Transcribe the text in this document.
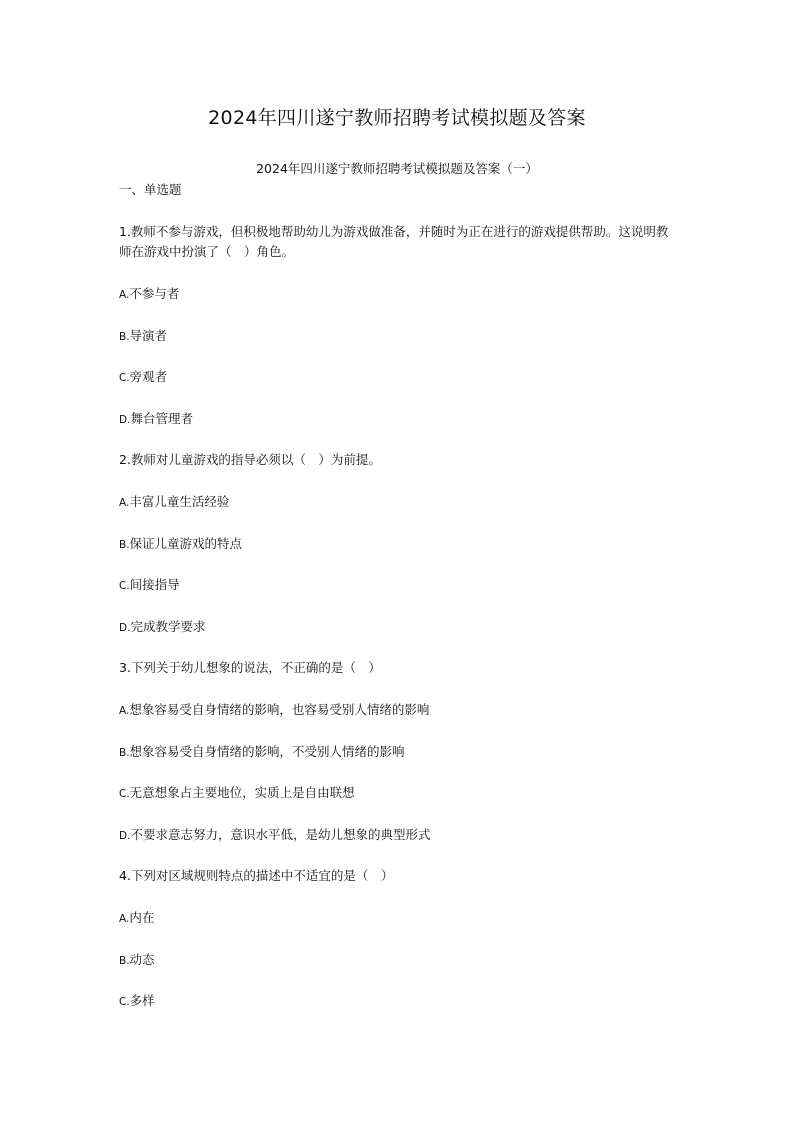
2024年四川遂宁教师招聘考试模拟题及答案
2024年四川遂宁教师招聘考试模拟题及答案（一）
一、单选题
1.教师不参与游戏，但积极地帮助幼儿为游戏做准备，并随时为正在进行的游戏提供帮助。这说明教师在游戏中扮演了（　）角色。
A.不参与者
B.导演者
C.旁观者
D.舞台管理者
2.教师对儿童游戏的指导必须以（　）为前提。
A.丰富儿童生活经验
B.保证儿童游戏的特点
C.间接指导
D.完成教学要求
3.下列关于幼儿想象的说法，不正确的是（　）
A.想象容易受自身情绪的影响，也容易受别人情绪的影响
B.想象容易受自身情绪的影响，不受别人情绪的影响
C.无意想象占主要地位，实质上是自由联想
D.不要求意志努力，意识水平低，是幼儿想象的典型形式
4.下列对区域规则特点的描述中不适宜的是（　）
A.内在
B.动态
C.多样
